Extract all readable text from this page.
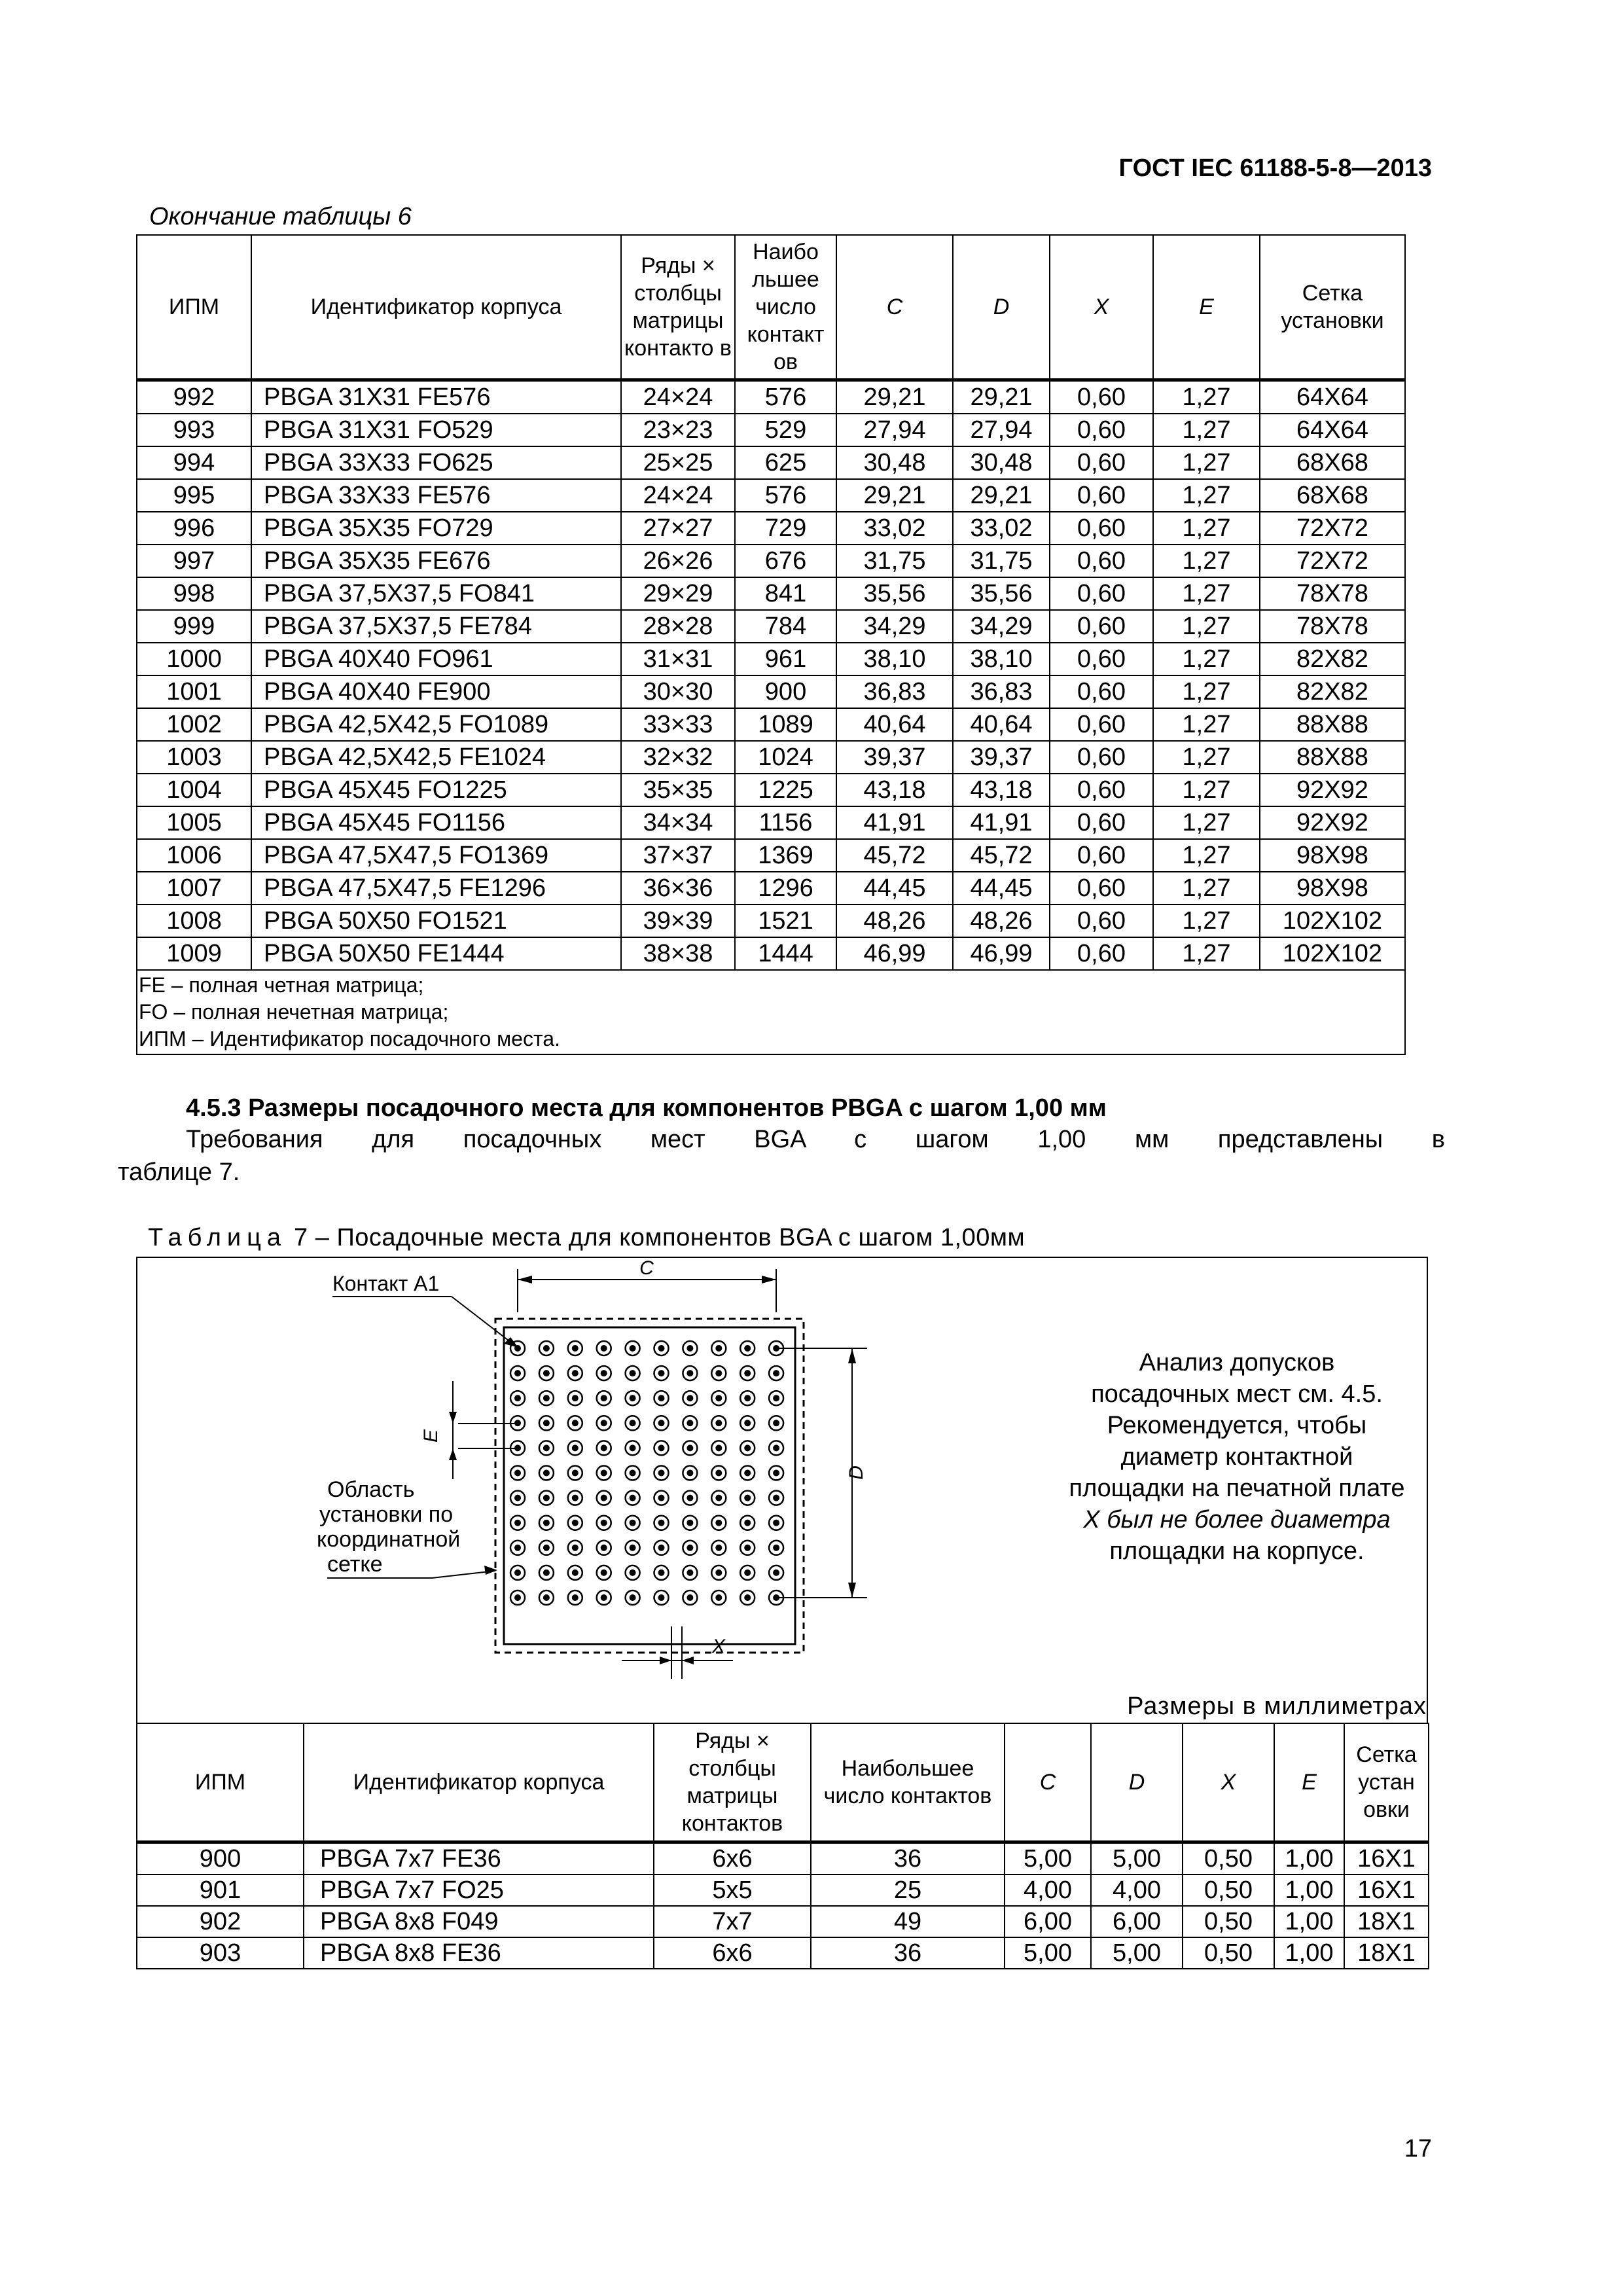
ГОСТ IEC 61188-5-8—2013
Окончание таблицы 6
ИПМ	Идентификатор корпуса	Ряды × столбцы матрицы контакто в	Наибо льшее число контакт ов	C	D	X	E	Сетка установки
992	PBGA 31X31 FE576	24×24	576	29,21	29,21	0,60	1,27	64X64
993	PBGA 31X31 FO529	23×23	529	27,94	27,94	0,60	1,27	64X64
994	PBGA 33X33 FO625	25×25	625	30,48	30,48	0,60	1,27	68X68
995	PBGA 33X33 FE576	24×24	576	29,21	29,21	0,60	1,27	68X68
996	PBGA 35X35 FO729	27×27	729	33,02	33,02	0,60	1,27	72X72
997	PBGA 35X35 FE676	26×26	676	31,75	31,75	0,60	1,27	72X72
998	PBGA 37,5X37,5 FO841	29×29	841	35,56	35,56	0,60	1,27	78X78
999	PBGA 37,5X37,5 FE784	28×28	784	34,29	34,29	0,60	1,27	78X78
1000	PBGA 40X40 FO961	31×31	961	38,10	38,10	0,60	1,27	82X82
1001	PBGA 40X40 FE900	30×30	900	36,83	36,83	0,60	1,27	82X82
1002	PBGA 42,5X42,5 FO1089	33×33	1089	40,64	40,64	0,60	1,27	88X88
1003	PBGA 42,5X42,5 FE1024	32×32	1024	39,37	39,37	0,60	1,27	88X88
1004	PBGA 45X45 FO1225	35×35	1225	43,18	43,18	0,60	1,27	92X92
1005	PBGA 45X45 FO1156	34×34	1156	41,91	41,91	0,60	1,27	92X92
1006	PBGA 47,5X47,5 FO1369	37×37	1369	45,72	45,72	0,60	1,27	98X98
1007	PBGA 47,5X47,5 FE1296	36×36	1296	44,45	44,45	0,60	1,27	98X98
1008	PBGA 50X50 FO1521	39×39	1521	48,26	48,26	0,60	1,27	102X102
1009	PBGA 50X50 FE1444	38×38	1444	46,99	46,99	0,60	1,27	102X102

FE – полная четная матрица;
FO – полная нечетная матрица;
ИПМ – Идентификатор посадочного места.								
4.5.3 Размеры посадочного места для компонентов PBGA с шагом 1,00 мм
Требования для посадочных мест BGA с шагом 1,00 мм представлены в
таблице 7.
Таблица 7 – Посадочные места для компонентов BGA с шагом 1,00мм
C
D
E
X
Контакт A1
Область
установки по
координатной
сетке
Анализ допусков
посадочных мест см. 4.5.
Рекомендуется, чтобы
диаметр контактной
площадки на печатной плате
X был не более диаметра
площадки на корпусе.
Размеры в миллиметрах
ИПМ	Идентификатор корпуса	Ряды × столбцы матрицы контактов	Наибольшее число контактов	C	D	X	E	Сетка устан овки
900	PBGA 7x7 FE36	6x6	36	5,00	5,00	0,50	1,00	16X1
901	PBGA 7x7 FO25	5x5	25	4,00	4,00	0,50	1,00	16X1
902	PBGA 8x8 F049	7x7	49	6,00	6,00	0,50	1,00	18X1
903	PBGA 8x8 FE36	6x6	36	5,00	5,00	0,50	1,00	18X1
17
